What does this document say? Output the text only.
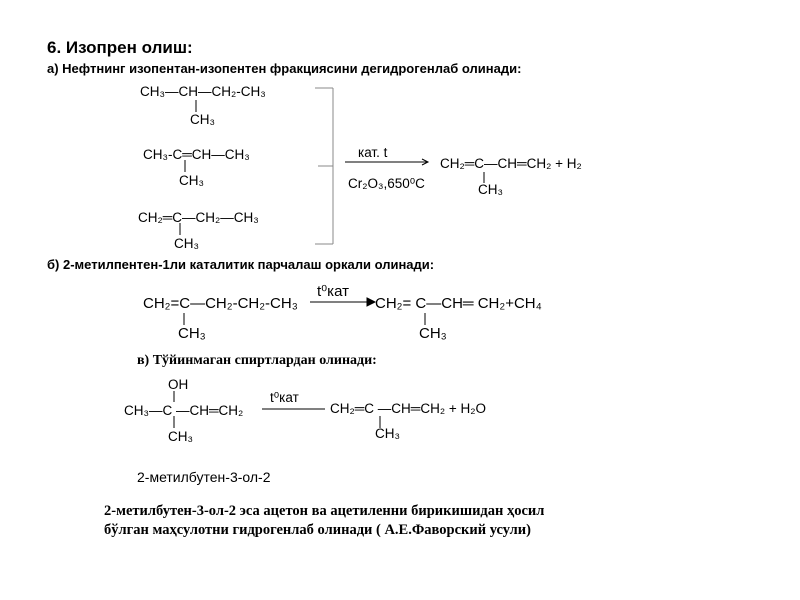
6. Изопрен олиш:
а) Нефтнинг изопентан-изопентен фракциясини дегидрогенлаб олинади:
б) 2-метилпентен-1ли каталитик парчалаш оркали олинади:
в) Тўйинмаган спиртлардан олинади:
2-метилбутен-3-ол-2
2-метилбутен-3-ол-2 эса ацетон ва ацетиленни бирикишидан ҳосил
бўлган маҳсулотни гидрогенлаб олинади ( А.Е.Фаворский усули)
CH₃—CH—CH₂-CH₃
CH₃
CH₃-C═CH—CH₃
CH₃
CH₂═C—CH₂—CH₃
CH₃
кат. t
Cr₂O₃,650⁰C
CH₂═C—CH═CH₂ + H₂
CH₃
CH₂=C—CH₂-CH₂-CH₃
CH₃
t⁰кат
CH₂= C—CH═ CH₂+CH₄
CH₃
OH
CH₃—C —CH═CH₂
CH₃
t⁰кат
CH₂═C —CH═CH₂ + H₂O
CH₃
